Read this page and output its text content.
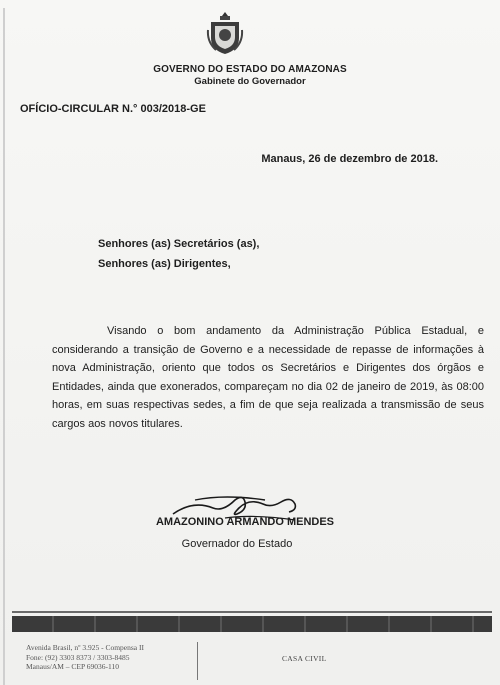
GOVERNO DO ESTADO DO AMAZONAS
Gabinete do Governador
OFÍCIO-CIRCULAR N.° 003/2018-GE
Manaus, 26 de dezembro de 2018.
Senhores (as) Secretários (as),
Senhores (as) Dirigentes,
Visando o bom andamento da Administração Pública Estadual, e considerando a transição de Governo e a necessidade de repasse de informações à nova Administração, oriento que todos os Secretários e Dirigentes dos órgãos e Entidades, ainda que exonerados, compareçam no dia 02 de janeiro de 2019, às 08:00 horas, em suas respectivas sedes, a fim de que seja realizada a transmissão de seus cargos aos novos titulares.
AMAZONINO ARMANDO MENDES
Governador do Estado
Avenida Brasil, nº 3.925 - Compensa II
Fone: (92) 3303 8373 / 3303-8485
Manaus/AM – CEP 69036-110
CASA CIVIL
